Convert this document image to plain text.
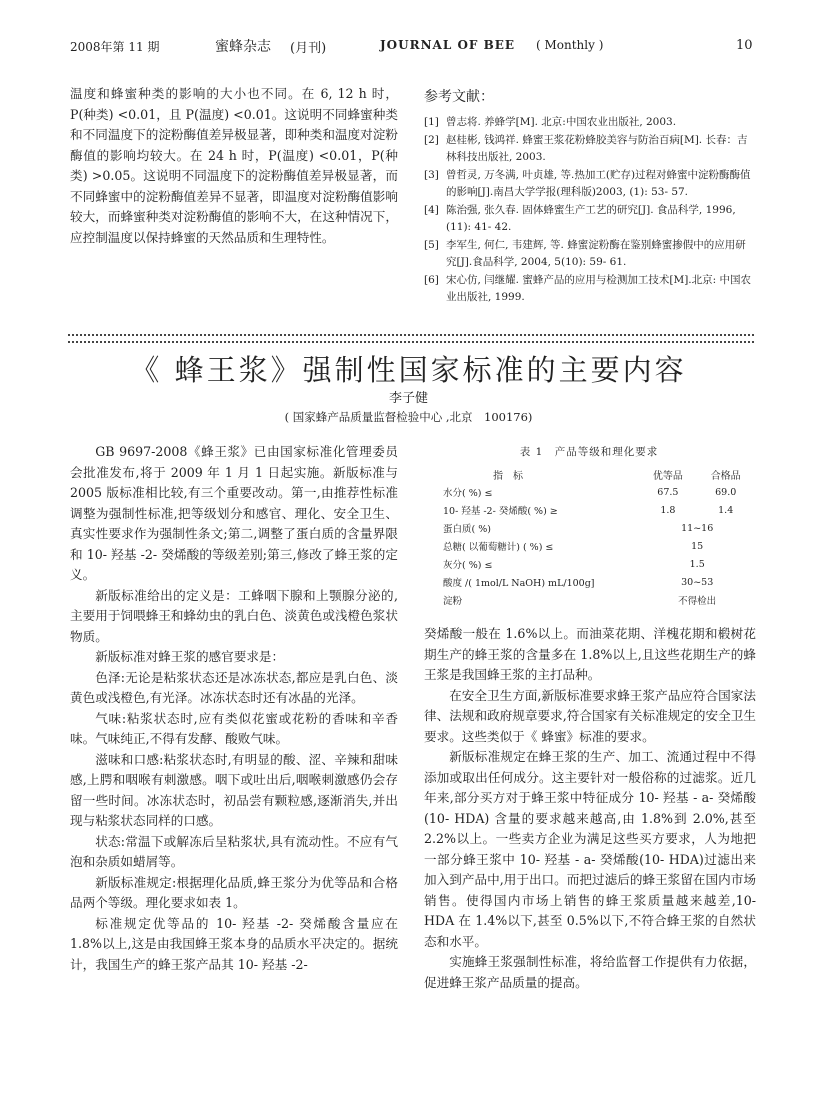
2008年第 11 期	蜜蜂杂志 (月刊)	JOURNAL OF BEE ( Monthly )	10

温度和蜂蜜种类的影响的大小也不同。在 6, 12 h 时，P(种类) <0.01，且 P(温度) <0.01。这说明不同蜂蜜种类和不同温度下的淀粉酶值差异极显著，即种类和温度对淀粉酶值的影响均较大。在 24 h 时，P(温度) <0.01，P(种类) >0.05。这说明不同温度下的淀粉酶值差异极显著，而不同蜂蜜中的淀粉酶值差异不显著，即温度对淀粉酶值影响较大，而蜂蜜种类对淀粉酶值的影响不大，在这种情况下，应控制温度以保持蜂蜜的天然品质和生理特性。

参考文献：
[1] 曾志将. 养蜂学[M]. 北京:中国农业出版社, 2003.
[2] 赵桂彬, 钱鸿祥. 蜂蜜王浆花粉蜂胶美容与防治百病[M]. 长春：吉林科技出版社, 2003.
[3] 曾哲灵, 万冬满, 叶贞雄, 等.热加工(贮存)过程对蜂蜜中淀粉酶酶值的影响[J].南昌大学学报(理科版)2003, (1): 53- 57.
[4] 陈治强, 张久春. 固体蜂蜜生产工艺的研究[J]. 食品科学, 1996, (11): 41- 42.
[5] 李军生, 何仁, 韦建辉, 等. 蜂蜜淀粉酶在鉴别蜂蜜掺假中的应用研究[J].食品科学, 2004, 5(10): 59- 61.
[6] 宋心仿, 闫继耀. 蜜蜂产品的应用与检测加工技术[M].北京: 中国农业出版社, 1999.
《 蜂王浆》强制性国家标准的主要内容
李子健
( 国家蜂产品质量监督检验中心 ,北京　100176)

GB 9697-2008《蜂王浆》已由国家标准化管理委员会批准发布,将于 2009 年 1 月 1 日起实施。新版标准与 2005 版标准相比较,有三个重要改动。第一,由推荐性标准调整为强制性标准,把等级划分和感官、理化、安全卫生、真实性要求作为强制性条文;第二,调整了蛋白质的含量界限和 10- 羟基 -2- 癸烯酸的等级差别;第三,修改了蜂王浆的定义。

新版标准给出的定义是：工蜂咽下腺和上颚腺分泌的,主要用于饲喂蜂王和蜂幼虫的乳白色、淡黄色或浅橙色浆状物质。

新版标准对蜂王浆的感官要求是：

色泽:无论是粘浆状态还是冰冻状态,都应是乳白色、淡黄色或浅橙色,有光泽。冰冻状态时还有冰晶的光泽。

气味:粘浆状态时,应有类似花蜜或花粉的香味和辛香味。气味纯正,不得有发酵、酸败气味。

滋味和口感:粘浆状态时,有明显的酸、涩、辛辣和甜味感,上腭和咽喉有刺激感。咽下或吐出后,咽喉刺激感仍会存留一些时间。冰冻状态时，初品尝有颗粒感,逐渐消失,并出现与粘浆状态同样的口感。

状态:常温下或解冻后呈粘浆状,具有流动性。不应有气泡和杂质如蜡屑等。

新版标准规定:根据理化品质,蜂王浆分为优等品和合格品两个等级。理化要求如表 1。

标准规定优等品的 10- 羟基 -2- 癸烯酸含量应在 1.8%以上,这是由我国蜂王浆本身的品质水平决定的。据统计，我国生产的蜂王浆产品其 10- 羟基 -2-

表 1　产品等级和理化要求
指　标	优等品	合格品
水分( %) ≤	67.5	69.0
10- 羟基 -2- 癸烯酸( %) ≥	1.8	1.4
蛋白质( %)	11~16	
总糖( 以葡萄糖计) ( %) ≤	15	
灰分( %) ≤	1.5	
酸度 /( 1mol/L NaOH) mL/100g]	30~53	
淀粉	不得检出	

癸烯酸一般在 1.6%以上。而油菜花期、洋槐花期和椴树花期生产的蜂王浆的含量多在 1.8%以上,且这些花期生产的蜂王浆是我国蜂王浆的主打品种。

在安全卫生方面,新版标准要求蜂王浆产品应符合国家法律、法规和政府规章要求,符合国家有关标准规定的安全卫生要求。这些类似于《 蜂蜜》标准的要求。

新版标准规定在蜂王浆的生产、加工、流通过程中不得添加或取出任何成分。这主要针对一般俗称的过滤浆。近几年来,部分买方对于蜂王浆中特征成分 10- 羟基 - a- 癸烯酸 (10- HDA) 含量的要求越来越高,由 1.8%到 2.0%,甚至 2.2%以上。一些卖方企业为满足这些买方要求，人为地把一部分蜂王浆中 10- 羟基 - a- 癸烯酸(10- HDA)过滤出来加入到产品中,用于出口。而把过滤后的蜂王浆留在国内市场销售。使得国内市场上销售的蜂王浆质量越来越差,10- HDA 在 1.4%以下,甚至 0.5%以下,不符合蜂王浆的自然状态和水平。

实施蜂王浆强制性标准，将给监督工作提供有力依据，促进蜂王浆产品质量的提高。
